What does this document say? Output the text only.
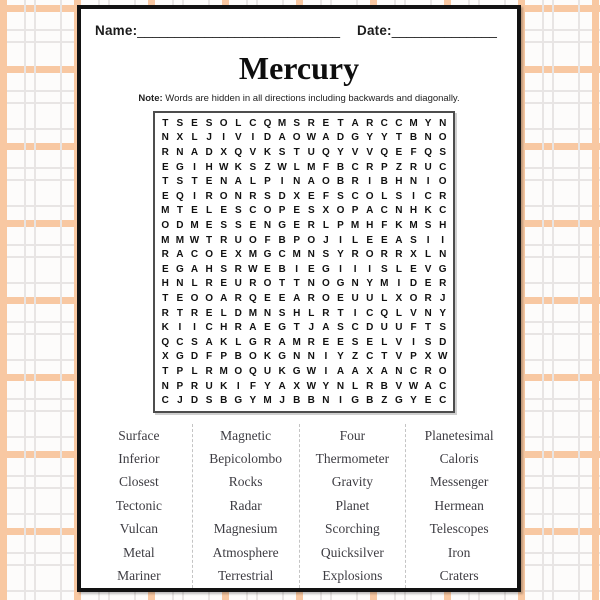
Name:___________________________ Date:______________
Mercury
Note: Words are hidden in all directions including backwards and diagonally.
T S E S O L C Q M S R E T A R C C M Y N
N X L J	I V I D A O W A D G Y Y T B N O
R N A D X Q V K S T U Q Y V V Q E F Q S
E G I H W K S Z W L M F B C R P Z R U C
T S T E N A L P I N A O B R I B H N I O
E Q I R O N R S D X E F S C O L S I C R
M T E L E S C O P E S X O P A C N H K C
O D M E S S E N G E R L P M H F K M S H
M M W T R U O F B P O J	I	L E E A S I	I
R A C O E X M G C M N S Y R O R R X L N
E G A H S R W E B I E G I	I	I S L E V G
H N L R E U R O T T N O G N Y M I D E R
T E O O A R Q E E A R O E U U L X O R J
R T R E L D M N S H L R T	I C Q L V N Y
K I	I C H R A E G T J A S C D U U F T S
Q C S A K L G R A M R E E S E L V I S D
X G D F P B O K G N N I Y Z C T V P X W
T P L R M O Q U K G W I A A X A N C R O
N P R U K I	F Y A X W Y N L R B V W A C
C J D S B G Y M J B B N I G B Z G Y E C
Surface
Inferior
Closest
Tectonic
Vulcan
Metal
Mariner
Magnetic
Bepicolombo
Rocks
Radar
Magnesium
Atmosphere
Terrestrial
Four
Thermometer
Gravity
Planet
Scorching
Quicksilver
Explosions
Planetesimal
Caloris
Messenger
Hermean
Telescopes
Iron
Craters
